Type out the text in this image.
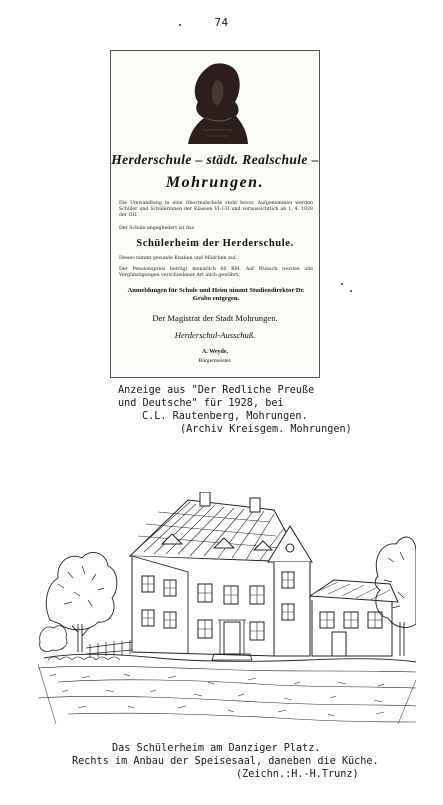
74
Herderschule – städt. Realschule –
Mohrungen.
Die Umwandlung in eine Oberrealschule steht bevor. Aufgenommen werden Schüler und Schülerinnen der Klassen VI–UII und voraussichtlich ab 1. 4. 1928 der OII.
Der Schule angegliedert ist das
Schülerheim der Herderschule.
Dieses nimmt gesunde Knaben und Mädchen auf.
Der Pensionspreis beträgt monatlich 60 RM. Auf Wunsch werden alle Vergünstigungen verschiedener Art auch gewährt.
Anmeldungen für Schule und Heim nimmt Studiendirektor Dr. Grabo entgegen.
Der Magistrat der Stadt Mohrungen.
Herderschul-Ausschuß.
A. Weyde,
Bürgermeister.
Anzeige aus "Der Redliche Preuße
und Deutsche" für 1928, bei
C.L. Rautenberg, Mohrungen.
(Archiv Kreisgem. Mohrungen)
Das Schülerheim am Danziger Platz.
Rechts im Anbau der Speisesaal, daneben die Küche.
(Zeichn.:H.-H.Trunz)
